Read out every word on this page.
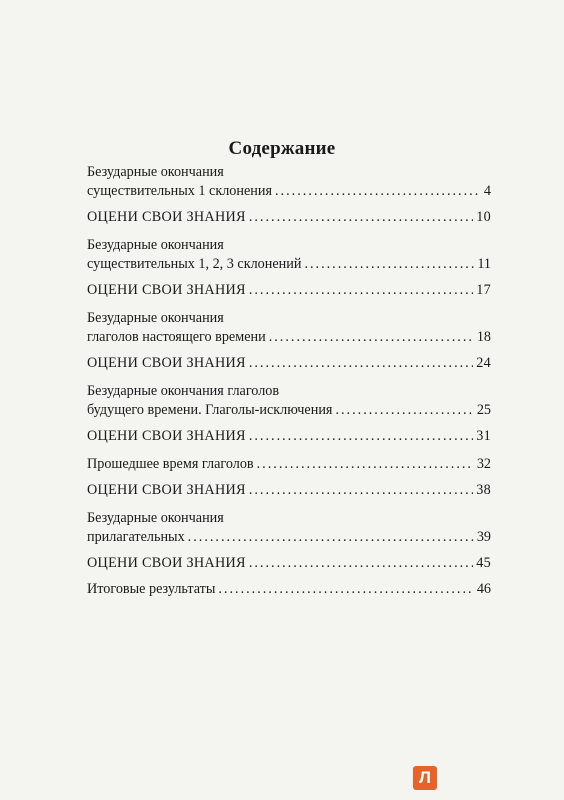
Содержание
Безударные окончания
существительных 1 склонения .....	4
ОЦЕНИ СВОИ ЗНАНИЯ .....	10
Безударные окончания
существительных 1, 2, 3 склонений .....	11
ОЦЕНИ СВОИ ЗНАНИЯ .....	17
Безударные окончания
глаголов настоящего времени .....	18
ОЦЕНИ СВОИ ЗНАНИЯ .....	24
Безударные окончания глаголов
будущего времени. Глаголы-исключения .....	25
ОЦЕНИ СВОИ ЗНАНИЯ .....	31
Прошедшее время глаголов .....	32
ОЦЕНИ СВОИ ЗНАНИЯ .....	38
Безударные окончания
прилагательных .....	39
ОЦЕНИ СВОИ ЗНАНИЯ .....	45
Итоговые результаты .....	46
Л
